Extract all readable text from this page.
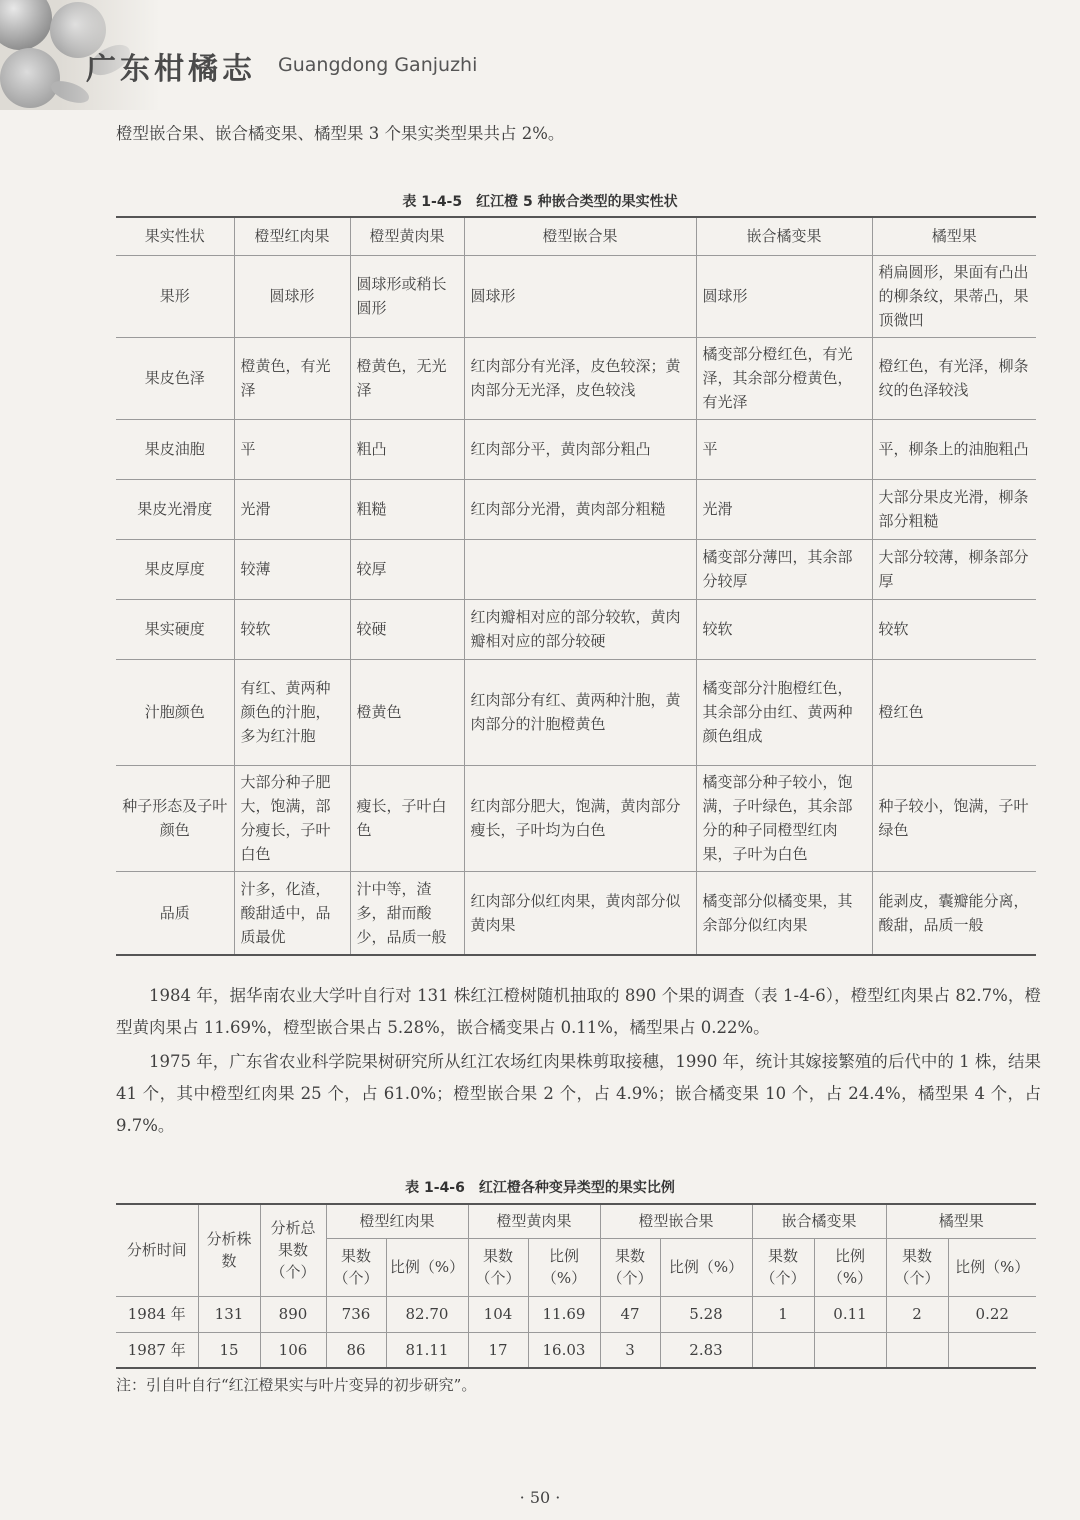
广东柑橘志 Guangdong Ganjuzhi

橙型嵌合果、嵌合橘变果、橘型果 3 个果实类型果共占 2%。

表 1-4-5　红江橙 5 种嵌合类型的果实性状
果实性状	橙型红肉果	橙型黄肉果	橙型嵌合果	嵌合橘变果	橘型果
果形	圆球形	圆球形或稍长圆形	圆球形	圆球形	稍扁圆形，果面有凸出的柳条纹，果蒂凸，果顶微凹
果皮色泽	橙黄色，有光泽	橙黄色，无光泽	红肉部分有光泽，皮色较深；黄肉部分无光泽，皮色较浅	橘变部分橙红色，有光泽，其余部分橙黄色，有光泽	橙红色，有光泽，柳条纹的色泽较浅
果皮油胞	平	粗凸	红肉部分平，黄肉部分粗凸	平	平，柳条上的油胞粗凸
果皮光滑度	光滑	粗糙	红肉部分光滑，黄肉部分粗糙	光滑	大部分果皮光滑，柳条部分粗糙
果皮厚度	较薄	较厚		橘变部分薄凹，其余部分较厚	大部分较薄，柳条部分厚
果实硬度	较软	较硬	红肉瓣相对应的部分较软，黄肉瓣相对应的部分较硬	较软	较软
汁胞颜色	有红、黄两种颜色的汁胞，多为红汁胞	橙黄色	红肉部分有红、黄两种汁胞，黄肉部分的汁胞橙黄色	橘变部分汁胞橙红色，其余部分由红、黄两种颜色组成	橙红色
种子形态及子叶颜色	大部分种子肥大，饱满，部分瘦长，子叶白色	瘦长，子叶白色	红肉部分肥大，饱满，黄肉部分瘦长，子叶均为白色	橘变部分种子较小，饱满，子叶绿色，其余部分的种子同橙型红肉果，子叶为白色	种子较小，饱满，子叶绿色
品质	汁多，化渣，酸甜适中，品质最优	汁中等，渣多，甜而酸少，品质一般	红肉部分似红肉果，黄肉部分似黄肉果	橘变部分似橘变果，其余部分似红肉果	能剥皮，囊瓣能分离，酸甜，品质一般

1984 年，据华南农业大学叶自行对 131 株红江橙树随机抽取的 890 个果的调查（表 1-4-6），橙型红肉果占 82.7%，橙型黄肉果占 11.69%，橙型嵌合果占 5.28%，嵌合橘变果占 0.11%，橘型果占 0.22%。

1975 年，广东省农业科学院果树研究所从红江农场红肉果株剪取接穗，1990 年，统计其嫁接繁殖的后代中的 1 株，结果 41 个，其中橙型红肉果 25 个，占 61.0%；橙型嵌合果 2 个，占 4.9%；嵌合橘变果 10 个，占 24.4%，橘型果 4 个，占 9.7%。

表 1-4-6　红江橙各种变异类型的果实比例
分析时间	分析株数	分析总果数（个）	橙型红肉果		橙型黄肉果		橙型嵌合果		嵌合橘变果		橘型果	
			果数（个）	比例（%）	果数（个）	比例（%）	果数（个）	比例（%）	果数（个）	比例（%）	果数（个）	比例（%）
1984 年	131	890	736	82.70	104	11.69	47	5.28	1	0.11	2	0.22
1987 年	15	106	86	81.11	17	16.03	3	2.83				
注：引自叶自行“红江橙果实与叶片变异的初步研究”。
· 50 ·
